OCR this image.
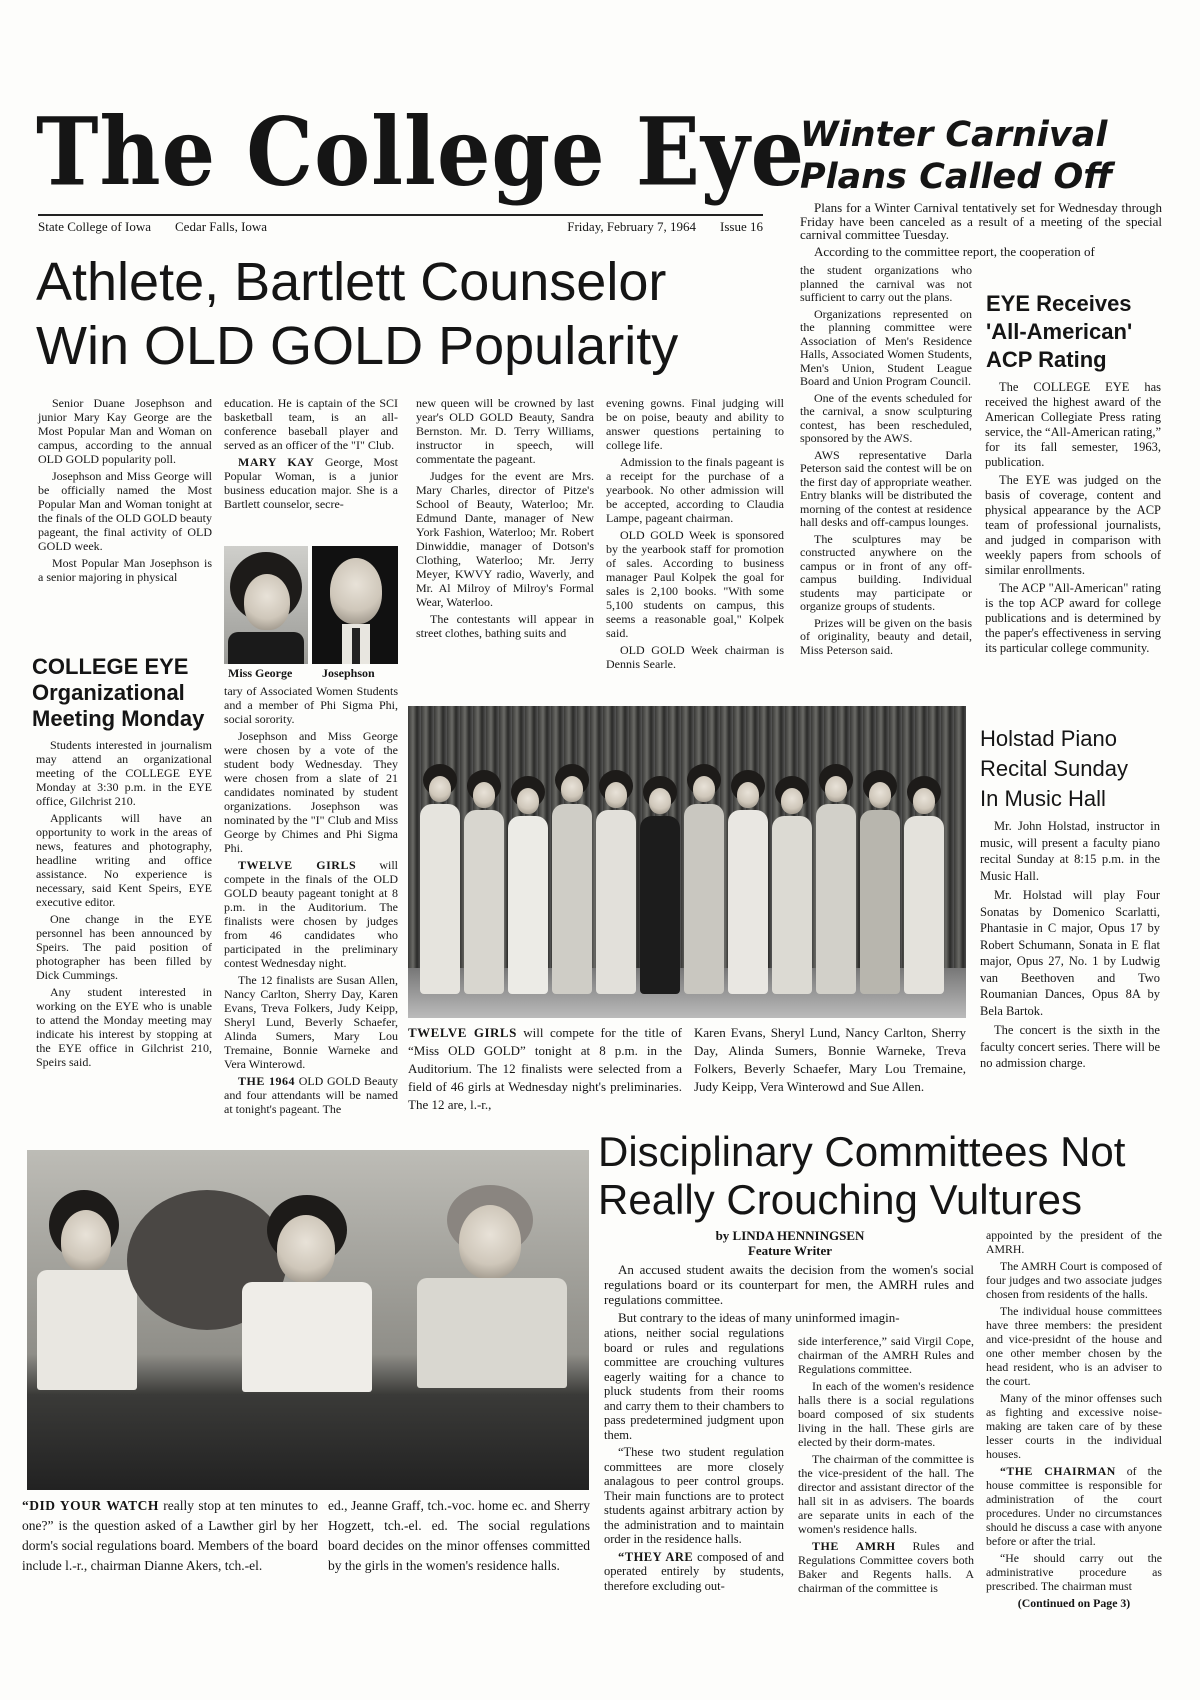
The College Eye
State College of Iowa Cedar Falls, Iowa	Friday, February 7, 1964 Issue 16
Winter Carnival
Plans Called Off

Plans for a Winter Carnival tentatively set for Wednesday through Friday have been canceled as a result of a meeting of the special carnival committee Tuesday.

According to the committee report, the cooperation of

the student organizations who planned the carnival was not sufficient to carry out the plans.

Organizations represented on the planning committee were Association of Men's Residence Halls, Associated Women Students, Men's Union, Student League Board and Union Program Council.

One of the events scheduled for the carnival, a snow sculpturing contest, has been rescheduled, sponsored by the AWS.

AWS representative Darla Peterson said the contest will be on the first day of appropriate weather. Entry blanks will be distributed the morning of the contest at residence hall desks and off-campus lounges.

The sculptures may be constructed anywhere on the campus or in front of any off-campus building. Individual students may participate or organize groups of students.

Prizes will be given on the basis of originality, beauty and detail, Miss Peterson said.

Athlete, Bartlett Counselor
Win OLD GOLD Popularity

Senior Duane Josephson and junior Mary Kay George are the Most Popular Man and Woman on campus, according to the annual OLD GOLD popularity poll.

Josephson and Miss George will be officially named the Most Popular Man and Woman tonight at the finals of the OLD GOLD beauty pageant, the final activity of OLD GOLD week.

Most Popular Man Josephson is a senior majoring in physical

education. He is captain of the SCI basketball team, is an all-conference baseball player and served as an officer of the "I" Club.

MARY KAY George, Most Popular Woman, is a junior business education major. She is a Bartlett counselor, secre-

Miss George Josephson

tary of Associated Women Students and a member of Phi Sigma Phi, social sorority.

Josephson and Miss George were chosen by a vote of the student body Wednesday. They were chosen from a slate of 21 candidates nominated by student organizations. Josephson was nominated by the "I" Club and Miss George by Chimes and Phi Sigma Phi.

TWELVE GIRLS will compete in the finals of the OLD GOLD beauty pageant tonight at 8 p.m. in the Auditorium. The finalists were chosen by judges from 46 candidates who participated in the preliminary contest Wednesday night.

The 12 finalists are Susan Allen, Nancy Carlton, Sherry Day, Karen Evans, Treva Folkers, Judy Keipp, Sheryl Lund, Beverly Schaefer, Alinda Sumers, Mary Lou Tremaine, Bonnie Warneke and Vera Winterowd.

THE 1964 OLD GOLD Beauty and four attendants will be named at tonight's pageant. The

new queen will be crowned by last year's OLD GOLD Beauty, Sandra Bernston. Mr. D. Terry Williams, instructor in speech, will commentate the pageant.

Judges for the event are Mrs. Mary Charles, director of Pitze's School of Beauty, Waterloo; Mr. Edmund Dante, manager of New York Fashion, Waterloo; Mr. Robert Dinwiddie, manager of Dotson's Clothing, Waterloo; Mr. Jerry Meyer, KWVY radio, Waverly, and Mr. Al Milroy of Milroy's Formal Wear, Waterloo.

The contestants will appear in street clothes, bathing suits and

evening gowns. Final judging will be on poise, beauty and ability to answer questions pertaining to college life.

Admission to the finals pageant is a receipt for the purchase of a yearbook. No other admission will be accepted, according to Claudia Lampe, pageant chairman.

OLD GOLD Week is sponsored by the yearbook staff for promotion of sales. According to business manager Paul Kolpek the goal for sales is 2,100 books. "With some 5,100 students on campus, this seems a reasonable goal," Kolpek said.

OLD GOLD Week chairman is Dennis Searle.

COLLEGE EYE
Organizational
Meeting Monday

Students interested in journalism may attend an organizational meeting of the COLLEGE EYE Monday at 3:30 p.m. in the EYE office, Gilchrist 210.

Applicants will have an opportunity to work in the areas of news, features and photography, headline writing and office assistance. No experience is necessary, said Kent Speirs, EYE executive editor.

One change in the EYE personnel has been announced by Speirs. The paid position of photographer has been filled by Dick Cummings.

Any student interested in working on the EYE who is unable to attend the Monday meeting may indicate his interest by stopping at the EYE office in Gilchrist 210, Speirs said.

EYE Receives
'All-American'
ACP Rating

The COLLEGE EYE has received the highest award of the American Collegiate Press rating service, the “All-American rating,” for its fall semester, 1963, publication.

The EYE was judged on the basis of coverage, content and physical appearance by the ACP team of professional journalists, and judged in comparison with weekly papers from schools of similar enrollments.

The ACP "All-American" rating is the top ACP award for college publications and is determined by the paper's effectiveness in serving its particular college community.

Holstad Piano
Recital Sunday
In Music Hall

Mr. John Holstad, instructor in music, will present a faculty piano recital Sunday at 8:15 p.m. in the Music Hall.

Mr. Holstad will play Four Sonatas by Domenico Scarlatti, Phantasie in C major, Opus 17 by Robert Schumann, Sonata in E flat major, Opus 27, No. 1 by Ludwig van Beethoven and Two Roumanian Dances, Opus 8A by Bela Bartok.

The concert is the sixth in the faculty concert series. There will be no admission charge.

TWELVE GIRLS will compete for the title of “Miss OLD GOLD” tonight at 8 p.m. in the Auditorium. The 12 finalists were selected from a field of 46 girls at Wednesday night's preliminaries. The 12 are, l.-r.,
Karen Evans, Sheryl Lund, Nancy Carlton, Sherry Day, Alinda Sumers, Bonnie Warneke, Treva Folkers, Beverly Schaefer, Mary Lou Tremaine, Judy Keipp, Vera Winterowd and Sue Allen.
“DID YOUR WATCH really stop at ten minutes to one?” is the question asked of a Lawther girl by her dorm's social regulations board. Members of the board include l.-r., chairman Dianne Akers, tch.-el.
ed., Jeanne Graff, tch.-voc. home ec. and Sherry Hogzett, tch.-el. ed. The social regulations board decides on the minor offenses committed by the girls in the women's residence halls.
Disciplinary Committees Not
Really Crouching Vultures
by LINDA HENNINGSEN
Feature Writer

An accused student awaits the decision from the women's social regulations board or its counterpart for men, the AMRH rules and regulations committee.

But contrary to the ideas of many uninformed imagin-

ations, neither social regulations board or rules and regulations committee are crouching vultures eagerly waiting for a chance to pluck students from their rooms and carry them to their chambers to pass predetermined judgment upon them.

“These two student regulation committees are more closely analagous to peer control groups. Their main functions are to protect students against arbitrary action by the administration and to maintain order in the residence halls.

“THEY ARE composed of and operated entirely by students, therefore excluding out-

side interference,” said Virgil Cope, chairman of the AMRH Rules and Regulations committee.

In each of the women's residence halls there is a social regulations board composed of six students living in the hall. These girls are elected by their dorm-mates.

The chairman of the committee is the vice-president of the hall. The director and assistant director of the hall sit in as advisers. The boards are separate units in each of the women's residence halls.

THE AMRH Rules and Regulations Committee covers both Baker and Regents halls. A chairman of the committee is

appointed by the president of the AMRH.

The AMRH Court is composed of four judges and two associate judges chosen from residents of the halls.

The individual house committees have three members: the president and vice-presidnt of the house and one other member chosen by the head resident, who is an adviser to the court.

Many of the minor offenses such as fighting and excessive noise-making are taken care of by these lesser courts in the individual houses.

“THE CHAIRMAN of the house committee is responsible for administration of the court procedures. Under no circumstances should he discuss a case with anyone before or after the trial.

“He should carry out the administrative procedure as prescribed. The chairman must

(Continued on Page 3)
